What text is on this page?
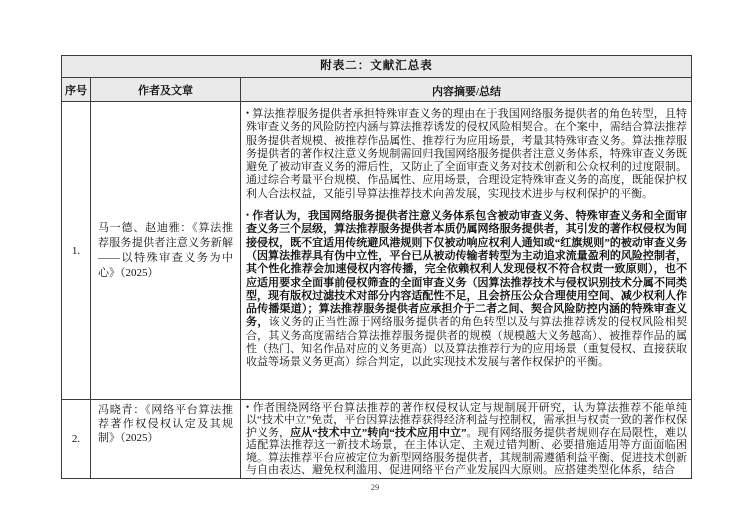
附表二：文献汇总表
序号	作者及文章	内容摘要/总结
1.
马一德、赵迪雅：《算法推荐服务提供者注意义务新解——以特殊审查义务为中心》（2025）

• 算法推荐服务提供者承担特殊审查义务的理由在于我国网络服务提供者的角色转型，且特殊审查义务的风险防控内涵与算法推荐诱发的侵权风险相契合。在个案中，需结合算法推荐服务提供者规模、被推荐作品属性、推荐行为应用场景，考量其特殊审查义务。算法推荐服务提供者的著作权注意义务规制需回归我国网络服务提供者注意义务体系，特殊审查义务既避免了被动审查义务的滞后性，又防止了全面审查义务对技术创新和公众权利的过度限制。通过综合考量平台规模、作品属性、应用场景，合理设定特殊审查义务的高度，既能保护权利人合法权益，又能引导算法推荐技术向善发展，实现技术进步与权利保护的平衡。

• 作者认为，我国网络服务提供者注意义务体系包含被动审查义务、特殊审查义务和全面审查义务三个层级，算法推荐服务提供者本质仍属网络服务提供者，其引发的著作权侵权为间接侵权，既不宜适用传统避风港规则下仅被动响应权利人通知或“红旗规则”的被动审查义务（因算法推荐具有伪中立性，平台已从被动传输者转型为主动追求流量盈利的风险控制者，其个性化推荐会加速侵权内容传播，完全依赖权利人发现侵权不符合权责一致原则），也不应适用要求全面事前侵权筛查的全面审查义务（因算法推荐技术与侵权识别技术分属不同类型，现有版权过滤技术对部分内容适配性不足，且会挤压公众合理使用空间、减少权利人作品传播渠道）；算法推荐服务提供者应承担介于二者之间、契合风险防控内涵的特殊审查义务，该义务的正当性源于网络服务提供者的角色转型以及与算法推荐诱发的侵权风险相契合，其义务高度需结合算法推荐服务提供者的规模（规模越大义务越高）、被推荐作品的属性（热门、知名作品对应的义务更高）以及算法推荐行为的应用场景（重复侵权、直接获取收益等场景义务更高）综合判定，以此实现技术发展与著作权保护的平衡。

2.
冯晓青：《网络平台算法推荐著作权侵权认定及其规制》（2025）

• 作者围绕网络平台算法推荐的著作权侵权认定与规制展开研究，认为算法推荐不能单纯以“技术中立”免责，平台因算法推荐获得经济利益与控制权，需承担与权责一致的著作权保护义务，应从“技术中立”转向“技术应用中立”。现有网络服务提供者规则存在局限性，难以适配算法推荐这一新技术场景，在主体认定、主观过错判断、必要措施适用等方面面临困境。算法推荐平台应被定位为新型网络服务提供者，其规制需遵循利益平衡、促进技术创新与自由表达、避免权利滥用、促进网络平台产业发展四大原则。应搭建类型化体系，结合

29
